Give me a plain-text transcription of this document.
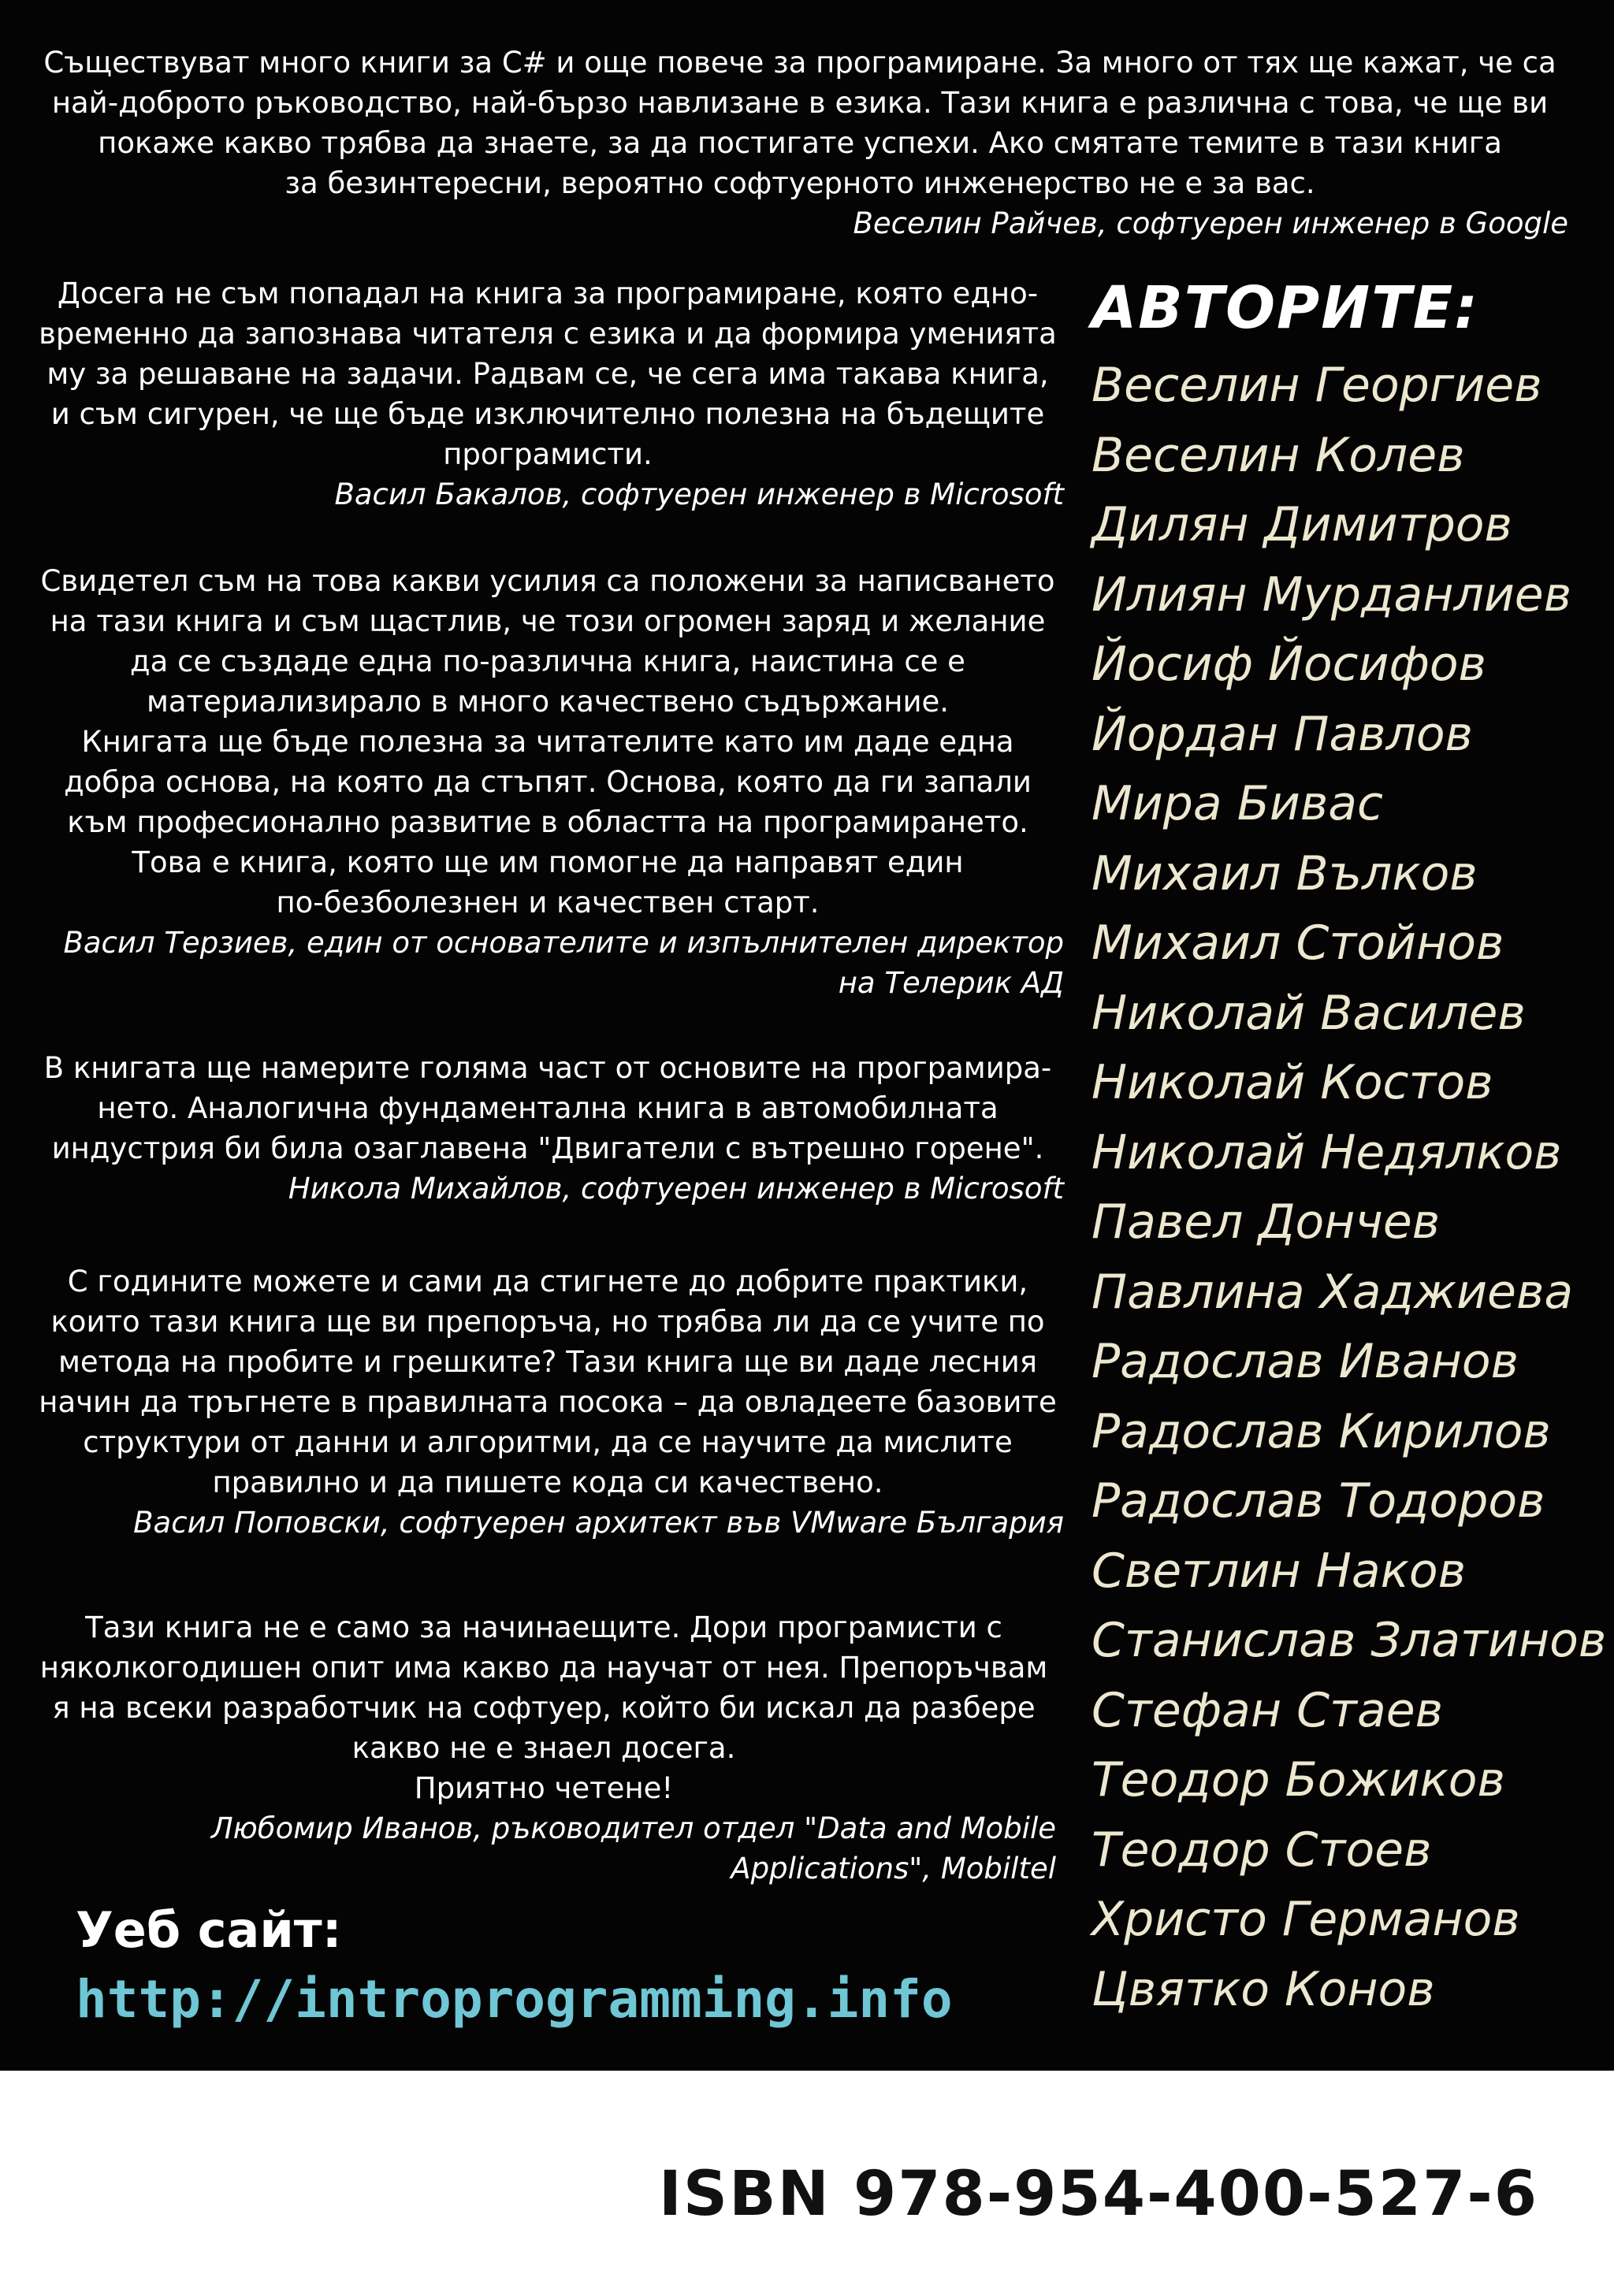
Съществуват много книги за C# и още повече за програмиране. За много от тях ще кажат, че са
най-доброто ръководство, най-бързо навлизане в езика. Тази книга е различна с това, че ще ви
покаже какво трябва да знаете, за да постигате успехи. Ако смятате темите в тази книга
за безинтересни, вероятно софтуерното инженерство не е за вас.

Веселин Райчев, софтуерен инженер в Google

Досега не съм попадал на книга за програмиране, която едно-
временно да запознава читателя с езика и да формира уменията
му за решаване на задачи. Радвам се, че сега има такава книга,
и съм сигурен, че ще бъде изключително полезна на бъдещите
програмисти.

Васил Бакалов, софтуерен инженер в Microsoft

Свидетел съм на това какви усилия са положени за написването
на тази книга и съм щастлив, че този огромен заряд и желание
да се създаде една по-различна книга, наистина се е
материализирало в много качествено съдържание.
Книгата ще бъде полезна за читателите като им даде една
добра основа, на която да стъпят. Основа, която да ги запали
към професионално развитие в областта на програмирането.
Това е книга, която ще им помогне да направят един
по-безболезнен и качествен старт.

Васил Терзиев, един от основателите и изпълнителен директор
на Телерик АД

В книгата ще намерите голяма част от основите на програмира-
нето. Аналогична фундаментална книга в автомобилната
индустрия би била озаглавена "Двигатели с вътрешно горене".

Никола Михайлов, софтуерен инженер в Microsoft

С годините можете и сами да стигнете до добрите практики,
които тази книга ще ви препоръча, но трябва ли да се учите по
метода на пробите и грешките? Тази книга ще ви даде лесния
начин да тръгнете в правилната посока – да овладеете базовите
структури от данни и алгоритми, да се научите да мислите
правилно и да пишете кода си качествено.

Васил Поповски, софтуерен архитект във VMware България

Тази книга не е само за начинаещите. Дори програмисти с
няколкогодишен опит има какво да научат от нея. Препоръчвам
я на всеки разработчик на софтуер, който би искал да разбере
какво не е знаел досега.
Приятно четене!

Любомир Иванов, ръководител отдел "Data and Mobile
Applications", Mobiltel

АВТОРИТЕ:
Веселин Георгиев
Веселин Колев
Дилян Димитров
Илиян Мурданлиев
Йосиф Йосифов
Йордан Павлов
Мира Бивас
Михаил Вълков
Михаил Стойнов
Николай Василев
Николай Костов
Николай Недялков
Павел Дончев
Павлина Хаджиева
Радослав Иванов
Радослав Кирилов
Радослав Тодоров
Светлин Наков
Станислав Златинов
Стефан Стаев
Теодор Божиков
Теодор Стоев
Христо Германов
Цвятко Конов

Уеб сайт:

http://introprogramming.info

ISBN 978-954-400-527-6
